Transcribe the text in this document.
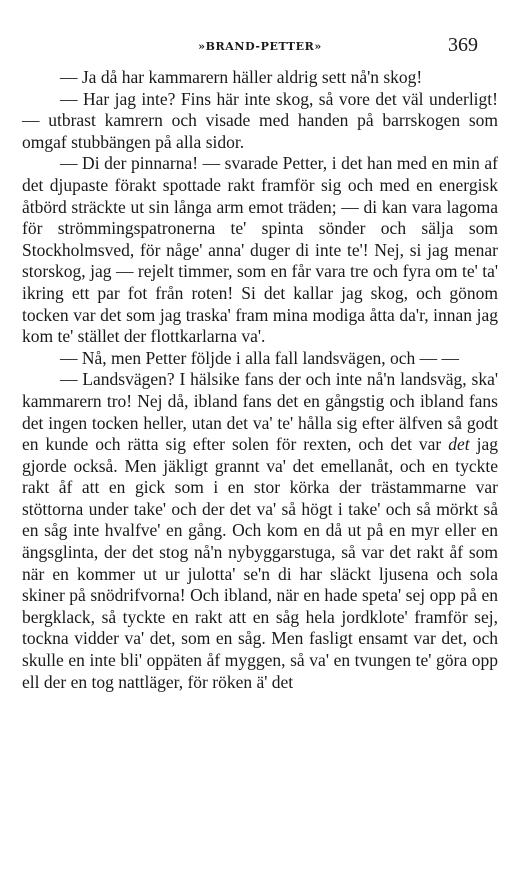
»BRAND-PETTER»	369

— Ja då har kammarern häller aldrig sett nå'n skog!

— Har jag inte? Fins här inte skog, så vore det väl underligt! — utbrast kamrern och visade med handen på barrskogen som omgaf stubbängen på alla sidor.

— Di der pinnarna! — svarade Petter, i det han med en min af det djupaste förakt spottade rakt framför sig och med en energisk åtbörd sträckte ut sin långa arm emot träden; — di kan vara lagoma för strömmingspatronerna te' spinta sönder och sälja som Stockholmsved, för någe' anna' duger di inte te'! Nej, si jag menar storskog, jag — rejelt timmer, som en får vara tre och fyra om te' ta' ikring ett par fot från roten! Si det kallar jag skog, och gönom tocken var det som jag traska' fram mina modiga åtta da'r, innan jag kom te' stället der flottkarlarna va'.

— Nå, men Petter följde i alla fall landsvägen, och — —

— Landsvägen? I hälsike fans der och inte nå'n landsväg, ska' kammarern tro! Nej då, ibland fans det en gångstig och ibland fans det ingen tocken heller, utan det va' te' hålla sig efter älfven så godt en kunde och rätta sig efter solen för rexten, och det var det jag gjorde också. Men jäkligt grannt va' det emellanåt, och en tyckte rakt åf att en gick som i en stor körka der trästammarne var stöttorna under take' och der det va' så högt i take' och så mörkt så en såg inte hvalfve' en gång. Och kom en då ut på en myr eller en ängsglinta, der det stog nå'n nybyggarstuga, så var det rakt åf som när en kommer ut ur julotta' se'n di har släckt ljusena och sola skiner på snödrifvorna! Och ibland, när en hade speta' sej opp på en bergklack, så tyckte en rakt att en såg hela jordklote' framför sej, tockna vidder va' det, som en såg. Men fasligt ensamt var det, och skulle en inte bli' oppäten åf myggen, så va' en tvungen te' göra opp ell der en tog nattläger, för röken ä' det
